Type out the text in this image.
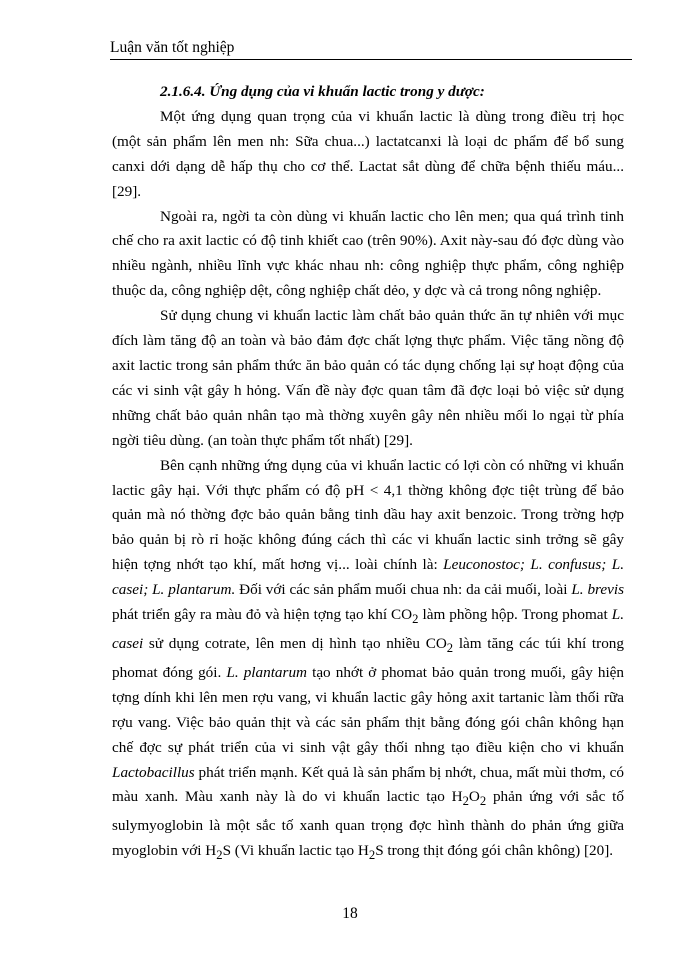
Luận văn tốt nghiệp
2.1.6.4. Ứng dụng của vi khuẩn lactic trong y dược:

Một ứng dụng quan trọng của vi khuẩn lactic là dùng trong điều trị học (một sản phẩm lên men nh: Sữa chua...) lactatcanxi là loại dc phẩm để bổ sung canxi dới dạng dễ hấp thụ cho cơ thể. Lactat sắt dùng để chữa bệnh thiếu máu... [29].

Ngoài ra, ngời ta còn dùng vi khuẩn lactic cho lên men; qua quá trình tinh chế cho ra axit lactic có độ tinh khiết cao (trên 90%). Axit này-sau đó đợc dùng vào nhiều ngành, nhiều lĩnh vực khác nhau nh: công nghiệp thực phẩm, công nghiệp thuộc da, công nghiệp dệt, công nghiệp chất dẻo, y dợc và cả trong nông nghiệp.

Sử dụng chung vi khuẩn lactic làm chất bảo quản thức ăn tự nhiên với mục đích làm tăng độ an toàn và bảo đảm đợc chất lợng thực phẩm. Việc tăng nồng độ axit lactic trong sản phẩm thức ăn bảo quản có tác dụng chống lại sự hoạt động của các vi sinh vật gây h hỏng. Vấn đề này đợc quan tâm đã đợc loại bỏ việc sử dụng những chất bảo quản nhân tạo mà thờng xuyên gây nên nhiều mối lo ngại từ phía ngời tiêu dùng. (an toàn thực phẩm tốt nhất) [29].

Bên cạnh những ứng dụng của vi khuẩn lactic có lợi còn có những vi khuẩn lactic gây hại. Với thực phẩm có độ pH < 4,1 thờng không đợc tiệt trùng để bảo quản mà nó thờng đợc bảo quản bằng tinh dầu hay axit benzoic. Trong trờng hợp bảo quản bị rò rỉ hoặc không đúng cách thì các vi khuẩn lactic sinh trởng sẽ gây hiện tợng nhớt tạo khí, mất hơng vị... loài chính là: Leuconostoc; L. confusus; L. casei; L. plantarum. Đối với các sản phẩm muối chua nh: da cải muối, loài L. brevis phát triển gây ra màu đỏ và hiện tợng tạo khí $CO_2$ làm phồng hộp. Trong phomat L. casei sử dụng cotrate, lên men dị hình tạo nhiều $CO_2$ làm tăng các túi khí trong phomat đóng gói. L. plantarum tạo nhớt ở phomat bảo quản trong muối, gây hiện tợng dính khi lên men rợu vang, vi khuẩn lactic gây hỏng axit tartanic làm thối rữa rợu vang. Việc bảo quản thịt và các sản phẩm thịt bằng đóng gói chân không hạn chế đợc sự phát triển của vi sinh vật gây thối nhng tạo điều kiện cho vi khuẩn Lactobacillus phát triển mạnh. Kết quả là sản phẩm bị nhớt, chua, mất mùi thơm, có màu xanh. Màu xanh này là do vi khuẩn lactic tạo $H_2O_2$ phản ứng với sắc tố sulymyoglobin là một sắc tố xanh quan trọng đợc hình thành do phản ứng giữa myoglobin với $H_2S$ (Vi khuẩn lactic tạo $H_2S$ trong thịt đóng gói chân không) [20].

18
